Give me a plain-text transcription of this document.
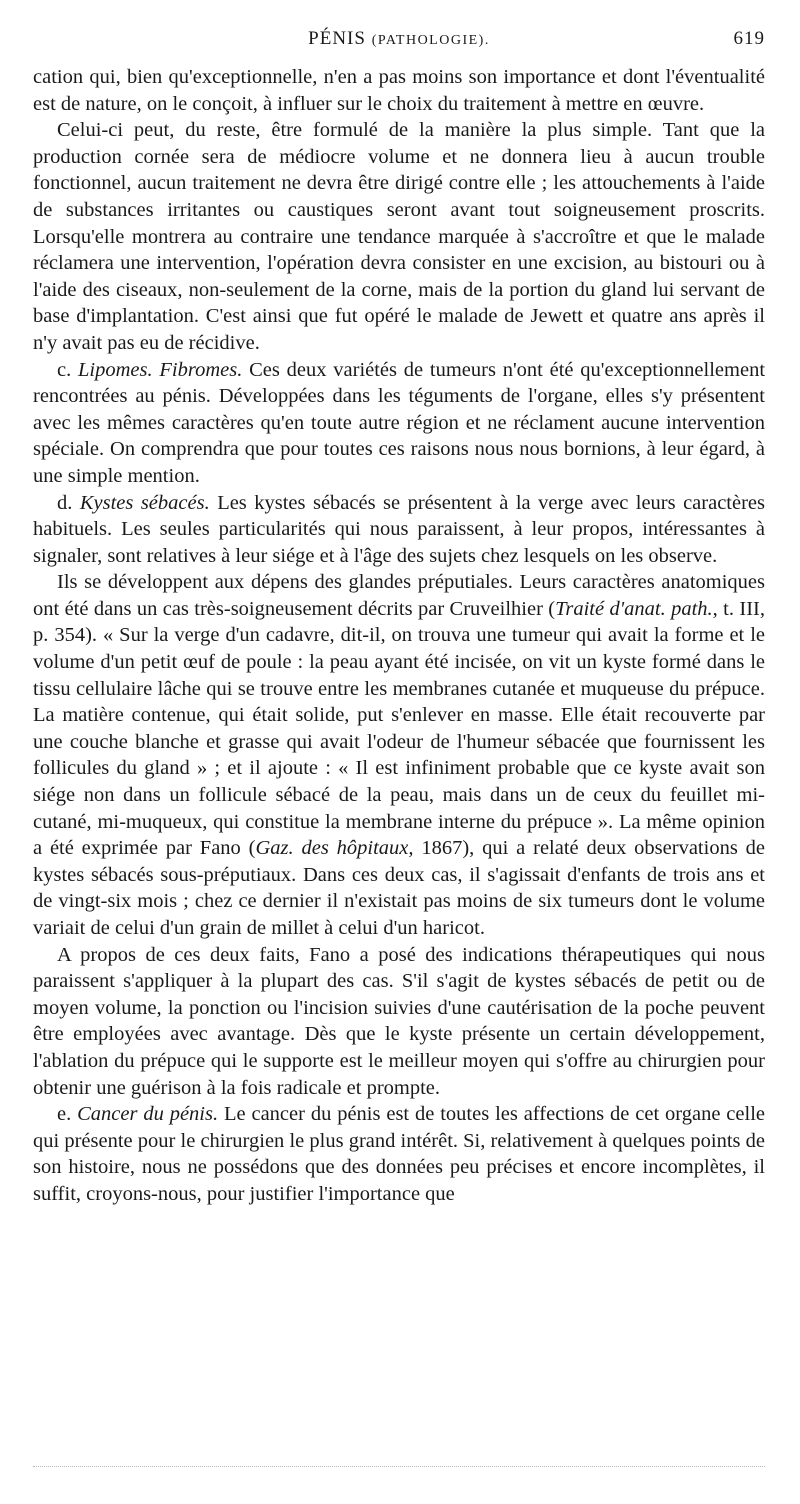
PÉNIS (PATHOLOGIE).	619

cation qui, bien qu'exceptionnelle, n'en a pas moins son importance et dont l'éventualité est de nature, on le conçoit, à influer sur le choix du traitement à mettre en œuvre.

Celui-ci peut, du reste, être formulé de la manière la plus simple. Tant que la production cornée sera de médiocre volume et ne donnera lieu à aucun trouble fonctionnel, aucun traitement ne devra être dirigé contre elle ; les attouchements à l'aide de substances irritantes ou caustiques seront avant tout soigneusement proscrits. Lorsqu'elle montrera au contraire une tendance marquée à s'accroître et que le malade réclamera une intervention, l'opération devra consister en une excision, au bistouri ou à l'aide des ciseaux, non-seulement de la corne, mais de la portion du gland lui servant de base d'implantation. C'est ainsi que fut opéré le malade de Jewett et quatre ans après il n'y avait pas eu de récidive.

c. Lipomes. Fibromes. Ces deux variétés de tumeurs n'ont été qu'exceptionnellement rencontrées au pénis. Développées dans les téguments de l'organe, elles s'y présentent avec les mêmes caractères qu'en toute autre région et ne réclament aucune intervention spéciale. On comprendra que pour toutes ces raisons nous nous bornions, à leur égard, à une simple mention.

d. Kystes sébacés. Les kystes sébacés se présentent à la verge avec leurs caractères habituels. Les seules particularités qui nous paraissent, à leur propos, intéressantes à signaler, sont relatives à leur siége et à l'âge des sujets chez lesquels on les observe.

Ils se développent aux dépens des glandes préputiales. Leurs caractères anatomiques ont été dans un cas très-soigneusement décrits par Cruveilhier (Traité d'anat. path., t. III, p. 354). « Sur la verge d'un cadavre, dit-il, on trouva une tumeur qui avait la forme et le volume d'un petit œuf de poule : la peau ayant été incisée, on vit un kyste formé dans le tissu cellulaire lâche qui se trouve entre les membranes cutanée et muqueuse du prépuce. La matière contenue, qui était solide, put s'enlever en masse. Elle était recouverte par une couche blanche et grasse qui avait l'odeur de l'humeur sébacée que fournissent les follicules du gland » ; et il ajoute : « Il est infiniment probable que ce kyste avait son siége non dans un follicule sébacé de la peau, mais dans un de ceux du feuillet mi-cutané, mi-muqueux, qui constitue la membrane interne du prépuce ». La même opinion a été exprimée par Fano (Gaz. des hôpitaux, 1867), qui a relaté deux observations de kystes sébacés sous-préputiaux. Dans ces deux cas, il s'agissait d'enfants de trois ans et de vingt-six mois ; chez ce dernier il n'existait pas moins de six tumeurs dont le volume variait de celui d'un grain de millet à celui d'un haricot.

A propos de ces deux faits, Fano a posé des indications thérapeutiques qui nous paraissent s'appliquer à la plupart des cas. S'il s'agit de kystes sébacés de petit ou de moyen volume, la ponction ou l'incision suivies d'une cautérisation de la poche peuvent être employées avec avantage. Dès que le kyste présente un certain développement, l'ablation du prépuce qui le supporte est le meilleur moyen qui s'offre au chirurgien pour obtenir une guérison à la fois radicale et prompte.

e. Cancer du pénis. Le cancer du pénis est de toutes les affections de cet organe celle qui présente pour le chirurgien le plus grand intérêt. Si, relativement à quelques points de son histoire, nous ne possédons que des données peu précises et encore incomplètes, il suffit, croyons-nous, pour justifier l'importance que
